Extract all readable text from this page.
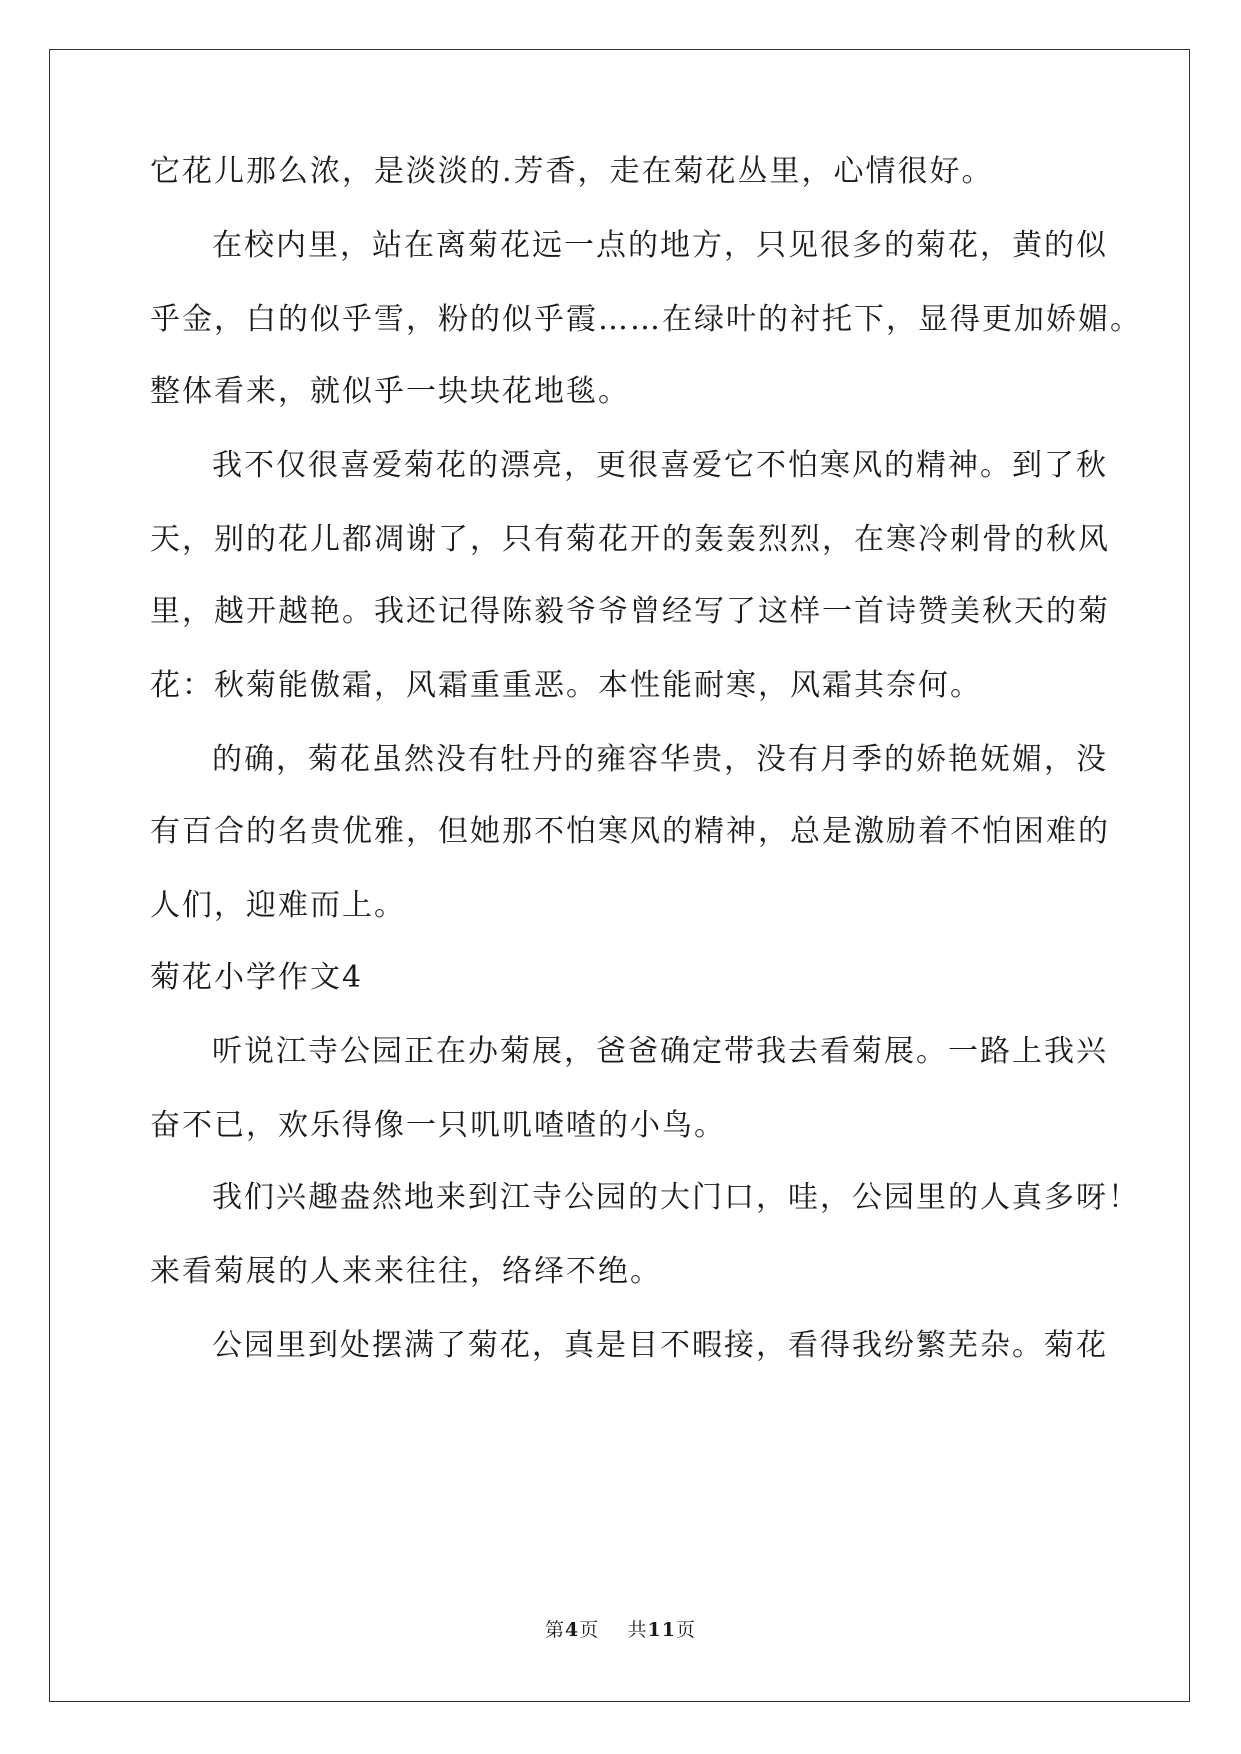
它花儿那么浓，是淡淡的.芳香，走在菊花丛里，心情很好。
在校内里，站在离菊花远一点的地方，只见很多的菊花，黄的似
乎金，白的似乎雪，粉的似乎霞……在绿叶的衬托下，显得更加娇媚。
整体看来，就似乎一块块花地毯。
我不仅很喜爱菊花的漂亮，更很喜爱它不怕寒风的精神。到了秋
天，别的花儿都凋谢了，只有菊花开的轰轰烈烈，在寒冷刺骨的秋风
里，越开越艳。我还记得陈毅爷爷曾经写了这样一首诗赞美秋天的菊
花：秋菊能傲霜，风霜重重恶。本性能耐寒，风霜其奈何。
的确，菊花虽然没有牡丹的雍容华贵，没有月季的娇艳妩媚，没
有百合的名贵优雅，但她那不怕寒风的精神，总是激励着不怕困难的
人们，迎难而上。
菊花小学作文4
听说江寺公园正在办菊展，爸爸确定带我去看菊展。一路上我兴
奋不已，欢乐得像一只叽叽喳喳的小鸟。
我们兴趣盎然地来到江寺公园的大门口，哇，公园里的人真多呀！
来看菊展的人来来往往，络绎不绝。
公园里到处摆满了菊花，真是目不暇接，看得我纷繁芜杂。菊花
第4页 共11页
